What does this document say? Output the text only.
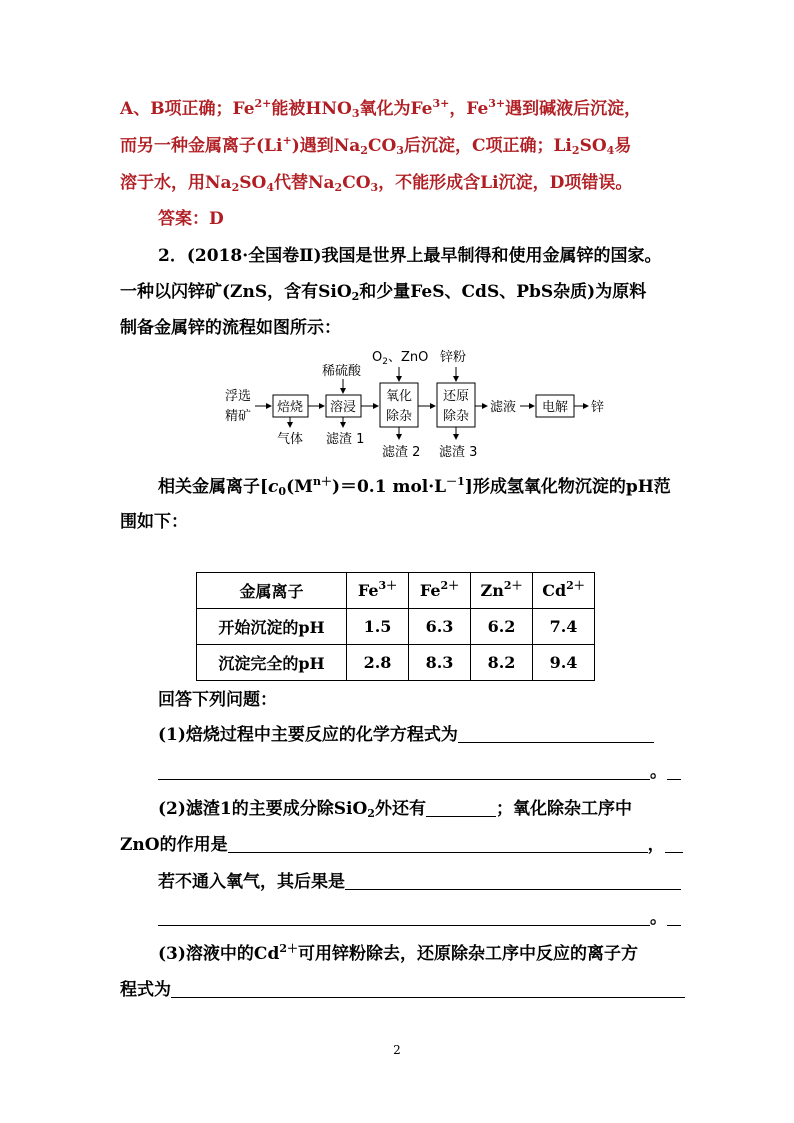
A、B项正确；$Fe^{2+}$能被$HNO_3$氧化为$Fe^{3+}$，$Fe^{3+}$遇到碱液后沉淀，
而另一种金属离子(Li+)遇到$Na_2CO_3$后沉淀，C项正确；$Li_2SO_4$易
溶于水，用$Na_2SO_4$代替$Na_2CO_3$，不能形成含Li沉淀，D项错误。
答案：D
2．(2018·全国卷Ⅱ)我国是世界上最早制得和使用金属锌的国家。
一种以闪锌矿(ZnS，含有SiO$_2$和少量FeS、CdS、PbS杂质)为原料
制备金属锌的流程如图所示：
浮选
精矿
焙烧
气体
溶浸
稀硫酸
滤渣 1
氧化
除杂
$O_2$、ZnO
滤渣 2
还原
除杂
锌粉
滤渣 3
滤液 电解 锌
相关金属离子[$c_0(M^{n+})=0.1$ $mol\cdot L^{-1}$]形成氢氧化物沉淀的pH范
围如下：
金属离子	$Fe^{3+}$	$Fe^{2+}$	$Zn^{2+}$	$Cd^{2+}$
开始沉淀的pH	1.5	6.3	6.2	7.4
沉淀完全的pH	2.8	8.3	8.2	9.4
回答下列问题：
(1)焙烧过程中主要反应的化学方程式为
。
(2)滤渣1的主要成分除SiO$_2$外还有	；氧化除杂工序中
ZnO的作用是	，
若不通入氧气，其后果是
。
(3)溶液中的$Cd^{2+}$可用锌粉除去，还原除杂工序中反应的离子方
程式为
2
